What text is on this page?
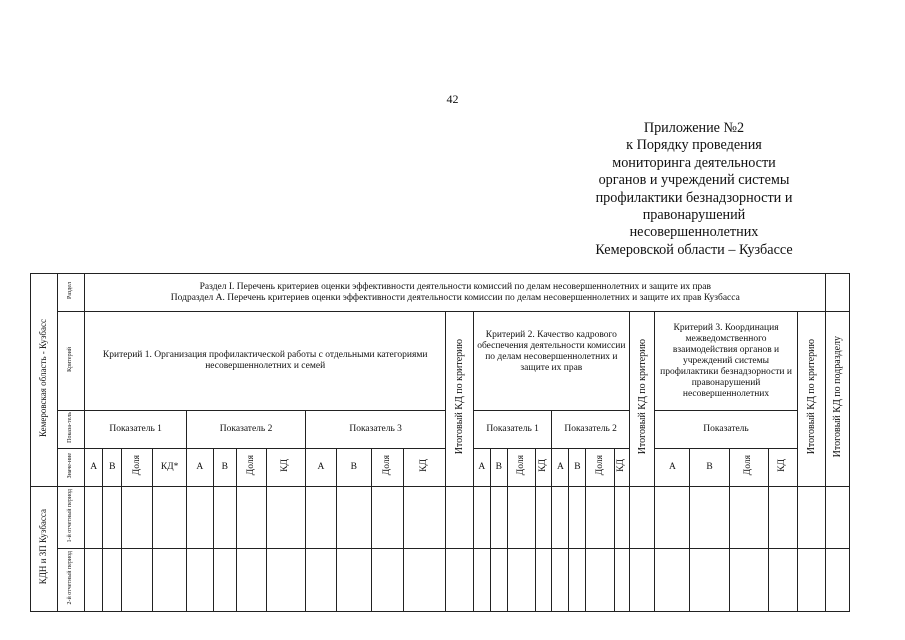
42
Приложение №2
к Порядку проведения
мониторинга деятельности
органов и учреждений системы
профилактики безнадзорности и
правонарушений
несовершеннолетних
Кемеровской области – Кузбассе
Кемеровская область - Кузбасс	Раздел	Раздел I. Перечень критериев оценки эффективности деятельности комиссий по делам несовершеннолетних и защите их прав
Подраздел А. Перечень критериев оценки эффективности деятельности комиссии по делам несовершеннолетних и защите их прав Кузбасса																											

	Критерий	Критерий 1. Организация профилактической работы с отдельными категориями несовершеннолетних и семей												Итоговый КД по критерию	Критерий 2. Качество кадрового обеспечения деятельности комиссии по делам несовершеннолетних и защите их прав								Итоговый КД по критерию	Критерий 3. Координация межведомственного взаимодействия органов и учреждений системы профилактики безнадзорности и правонарушений несовершеннолетних				Итоговый КД по критерию	Итоговый КД по подразделу
	Показа-тель	Показатель 1				Показатель 2				Показатель 3					Показатель 1				Показатель 2					Показатель					
	Значе-ние	А	В	Доля	КД*	А	В	Доля	КД	А	В	Доля	КД		А	В	Доля	КД	А	В	Доля	КД		А	В	Доля	КД		
КДН и ЗП Кузбасса	1-й отчетный период																												
	2-й отчетный период																												
